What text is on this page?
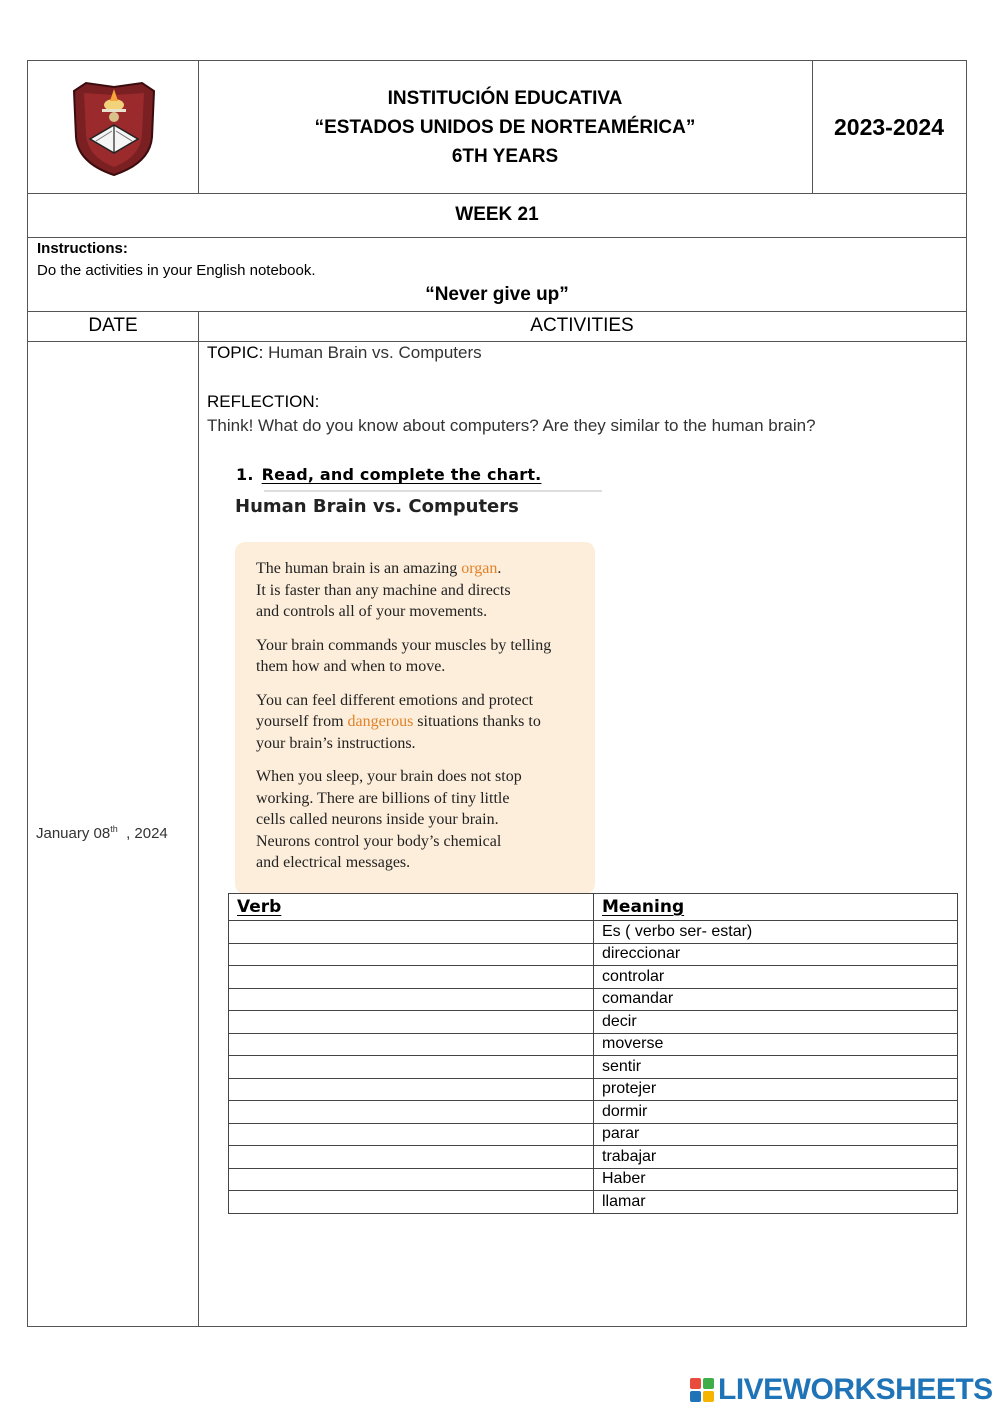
INSTITUCIÓN EDUCATIVA
“ESTADOS UNIDOS DE NORTEAMÉRICA”
6TH YEARS
2023-2024
WEEK 21
Instructions:
Do the activities in your English notebook.
“Never give up”
DATE	ACTIVITIES
January 08th  , 2024
TOPIC: Human Brain vs. Computers
REFLECTION:
Think! What do you know about computers? Are they similar to the human brain?
1. Read, and complete the chart.
Human Brain vs. Computers

The human brain is an amazing organ.
It is faster than any machine and directs
and controls all of your movements.

Your brain commands your muscles by telling
them how and when to move.

You can feel different emotions and protect
yourself from dangerous situations thanks to
your brain’s instructions.

When you sleep, your brain does not stop
working. There are billions of tiny little
cells called neurons inside your brain.
Neurons control your body’s chemical
and electrical messages.

Verb	Meaning
	Es ( verbo ser- estar)
	direccionar
	controlar
	comandar
	decir
	moverse
	sentir
	protejer
	dormir
	parar
	trabajar
	Haber
	llamar
LIVEWORKSHEETS
